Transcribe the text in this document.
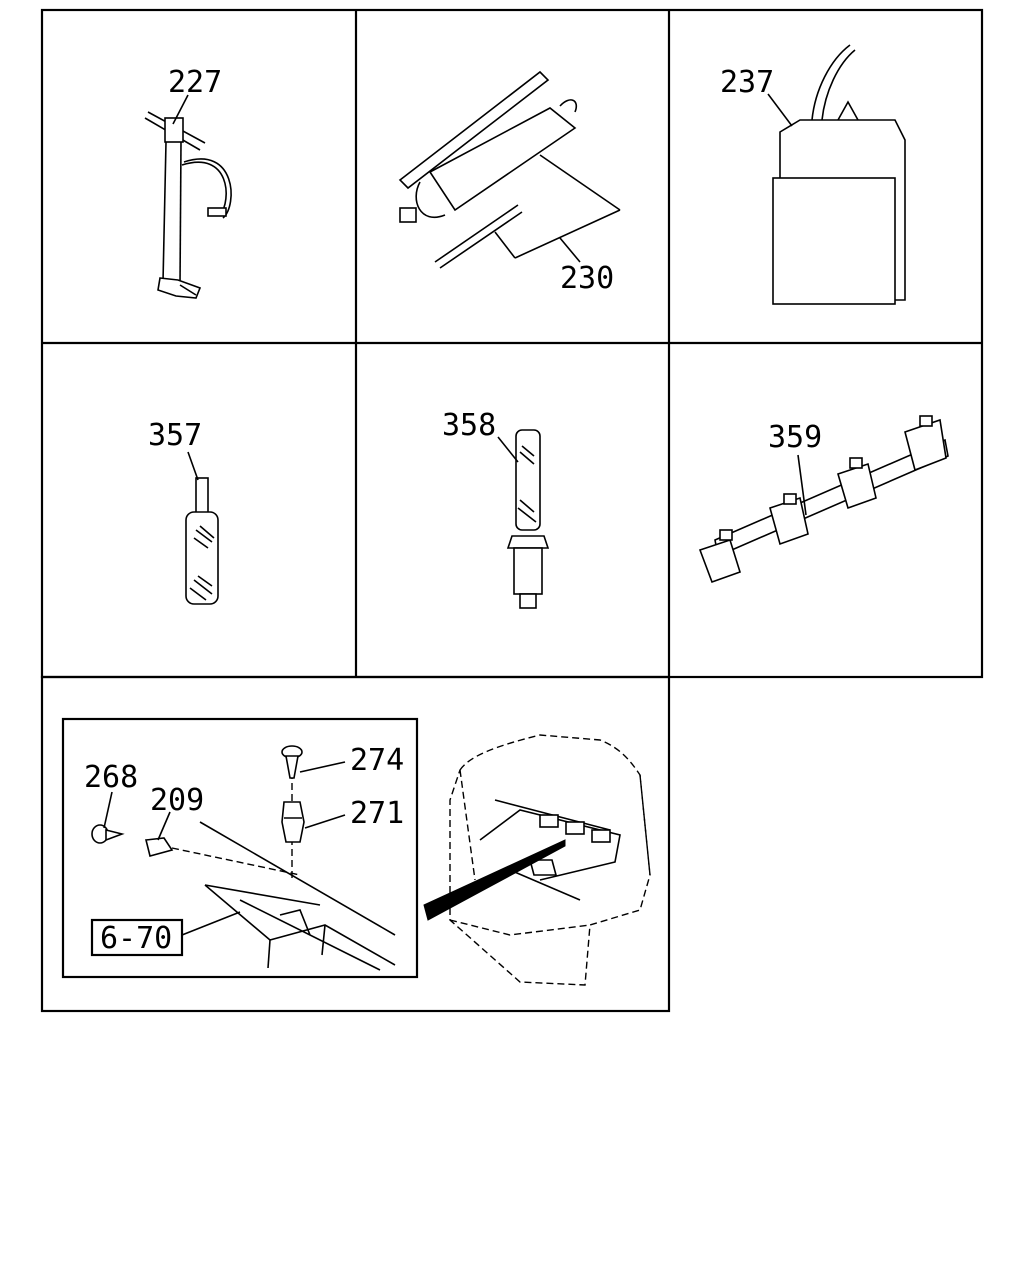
227
230
237
357	358	359
274
271
268
209
6-70
